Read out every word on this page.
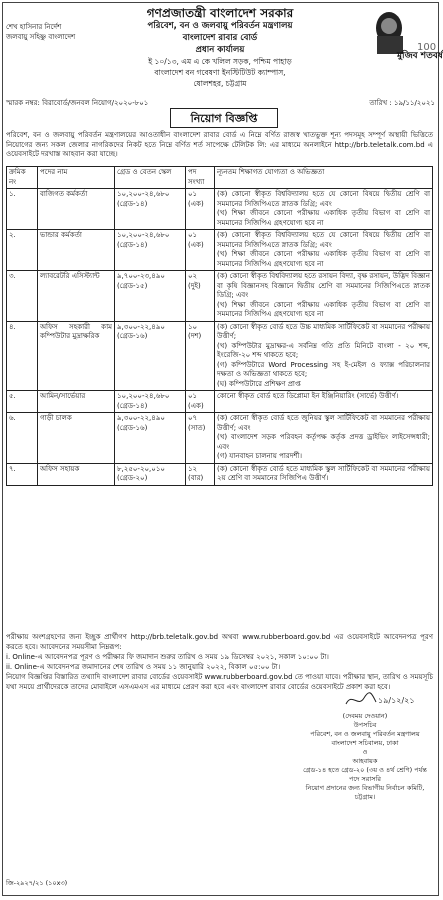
শেখ হাসিনার নির্দেশ
জলবায়ু সহিষ্ণু বাংলাদেশ
গণপ্রজাতন্ত্রী বাংলাদেশ সরকার
পরিবেশ, বন ও জলবায়ু পরিবর্তন মন্ত্রণালয়
বাংলাদেশ রাবার বোর্ড
প্রধান কার্যালয়
ই ১০/১৩, এম এ কে খলিল সড়ক, পশ্চিম পাহাড়
বাংলাদেশ বন গবেষণা ইনস্টিটিউট ক্যাম্পাস,
ষোলশহর, চট্টগ্রাম
মুজিব শতবর্ষ
100
স্মারক নম্বর: বিরাবোর্ড/জনবল নিয়োগ/২০২০-৮০১	তারিখ : ১৯/১১/২০২১
নিয়োগ বিজ্ঞপ্তি
পরিবেশ, বন ও জলবায়ু পরিবর্তন মন্ত্রণালয়ের আওতাধীন বাংলাদেশ রাবার বোর্ড এ নিম্নে বর্ণিত রাজস্ব খাতভুক্ত শূন্য পদসমূহ সম্পূর্ণ অস্থায়ী ভিত্তিতে নিয়োগের জন্য সকল জেলার নাগরিকদের নিকট হতে নিম্নে বর্ণিত শর্ত সাপেক্ষে টেলিটক লি: এর মাধ্যমে অনলাইনে http://brb.teletalk.com.bd এ ওয়েবসাইটে দরখাস্ত আহবান করা যাচ্ছে।
ক্রমিক নং	পদের নাম	গ্রেড ও বেতন স্কেল	পদ সংখ্যা	ন্যূনতম শিক্ষাগত যোগ্যতা ও অভিজ্ঞতা

১.	বাজিগত কর্মকর্তা	১০,২০০-২৪,৬৮০
(গ্রেড-১৪)	০১
(এক)	(ক) কোনো স্বীকৃত বিশ্ববিদ্যালয় হতে যে কোনো বিষয়ে দ্বিতীয় শ্রেণি বা সমমানের সিজিপিএতে স্নাতক ডিগ্রি; এবং
(খ) শিক্ষা জীবনে কোনো পরীক্ষায় একাধিক তৃতীয় বিভাগ বা শ্রেণি বা সমমানের সিজিপিএ গ্রহণযোগ্য হবে না

২.	ভান্ডার কর্মকর্তা	১০,২০০-২৪,৬৮০
(গ্রেড-১৪)	০১
(এক)	(ক) কোনো স্বীকৃত বিশ্ববিদ্যালয় হতে যে কোনো বিষয়ে দ্বিতীয় শ্রেণি বা সমমানের সিজিপিএতে স্নাতক ডিগ্রি; এবং
(খ) শিক্ষা জীবনে কোনো পরীক্ষায় একাধিক তৃতীয় বিভাগ বা শ্রেণি বা সমমানের সিজিপিএ গ্রহণযোগ্য হবে না

৩.	ল্যাবরেটরি এসিস্ট্যান্ট	৯,৭০০-২৩,৪৯০
(গ্রেড-১৫)	০২
(দুই)	(ক) কোনো স্বীকৃত বিশ্ববিদ্যালয় হতে রসায়ন বিদ্যা, বৃক্ষ রসায়ন, উদ্ভিদ বিজ্ঞান বা কৃষি বিজ্ঞানসহ বিজ্ঞানে দ্বিতীয় শ্রেণি বা সমমানের সিজিপিএতে স্নাতক ডিগ্রি; এবং
(খ) শিক্ষা জীবনে কোনো পরীক্ষায় একাধিক তৃতীয় বিভাগ বা শ্রেণি বা সমমানের সিজিপিএ গ্রহণযোগ্য হবে না

৪.	অফিস সহকারী কাম কম্পিউটার মুদ্রাক্ষরিক	৯,৩০০-২২,৪৯০
(গ্রেড-১৬)	১০
(দশ)	(ক) কোনো স্বীকৃত বোর্ড হতে উচ্চ মাধ্যমিক সার্টিফিকেট বা সমমানের পরীক্ষায় উত্তীর্ণ;
(খ) কম্পিউটার মুদ্রাক্ষর-এ সর্বনিম্ন গতি প্রতি মিনিটে বাংলা - ২০ শব্দ, ইংরেজি-২০ শব্দ থাকতে হবে;
(গ) কম্পিউটারে Word Processing সহ ই-মেইল ও ফ্যাক্স পরিচালনার দক্ষতা ও অভিজ্ঞতা থাকতে হবে;
(ঘ) কম্পিউটারে প্রশিক্ষণ প্রাপ্ত

৫.	আমিন/সার্ভেয়ার	১০,২০০-২৪,৬৮০
(গ্রেড-১৪)	০১
(এক)	কোনো স্বীকৃত বোর্ড হতে ডিপ্লোমা ইন ইঞ্জিনিয়ারিং (সার্ভে) উত্তীর্ণ।

৬.	গাড়ী চালক	৯,৩০০-২২,৪৯০
(গ্রেড-১৬)	০৭
(সাত)	(ক) কোনো স্বীকৃত বোর্ড হতে জুনিয়র স্কুল সার্টিফিকেট বা সমমানের পরীক্ষায় উত্তীর্ণ; এবং
(খ) বাংলাদেশ সড়ক পরিবহন কর্তৃপক্ষ কর্তৃক প্রদত্ত ড্রাইভিং লাইসেন্সধারী; এবং
(গ) যানবাহন চালনায় পারদর্শী।

৭.	অফিস সহায়ক	৮,২৫০-২০,০১০
(গ্রেড-২০)	১২
(বার)	(ক) কোনো স্বীকৃত বোর্ড হতে মাধ্যমিক স্কুল সার্টিফিকেট বা সমমানের পরীক্ষায় ২য় শ্রেণি বা সমমানের সিজিপিএ উত্তীর্ণ।
পরীক্ষায় অংশগ্রহণের জন্য ইচ্ছুক প্রার্থীগণ http://brb.teletalk.gov.bd অথবা www.rubberboard.gov.bd এর ওয়েবসাইটে আবেদনপত্র পূরণ করতে হবে। আবেদনের সময়সীমা নিম্নরূপ:
i. Online-এ আবেদনপত্র পূরণ ও পরীক্ষার ফি জমাদান শুরুর তারিখ ও সময় ১৯ ডিসেম্বর ২০২১, সকাল ১০:০০ টা।
ii. Online-এ আবেদনপত্র জমাদানের শেষ তারিখ ও সময় ১১ জানুয়ারি ২০২২, বিকাল ০৫:০০ টা।
নিয়োগ বিজ্ঞপ্তির বিস্তারিত তথ্যাদি বাংলাদেশ রাবার বোর্ডের ওয়েবসাইট www.rubberboard.gov.bd তে পাওয়া যাবে। পরীক্ষার স্থান, তারিখ ও সময়সূচি যথা সময়ে প্রার্থীদেরকে তাদের মোবাইলে এসএমএস এর মাধ্যমে প্রেরণ করা হবে এবং বাংলাদেশ রাবার বোর্ডের ওয়েবসাইটে প্রকাশ করা হবে।
১৯/১২/২১
(দেবময় দেওয়ান)
উপসচিব
পরিবেশ, বন ও জলবায়ু পরিবর্তন মন্ত্রণালয়
বাংলাদেশ সচিবালয়, ঢাকা
ও
আহবায়ক
গ্রেড-১৪ হতে গ্রেড-২০ (৩য় ও ৪র্থ শ্রেণি) পর্যন্ত পদে সরাসরি
নিয়োগ প্রদানের জন্য বিভাগীয় নির্বাচন কমিটি, চট্টগ্রাম।
জি-২৯২৭/২১ (১০x৩)
